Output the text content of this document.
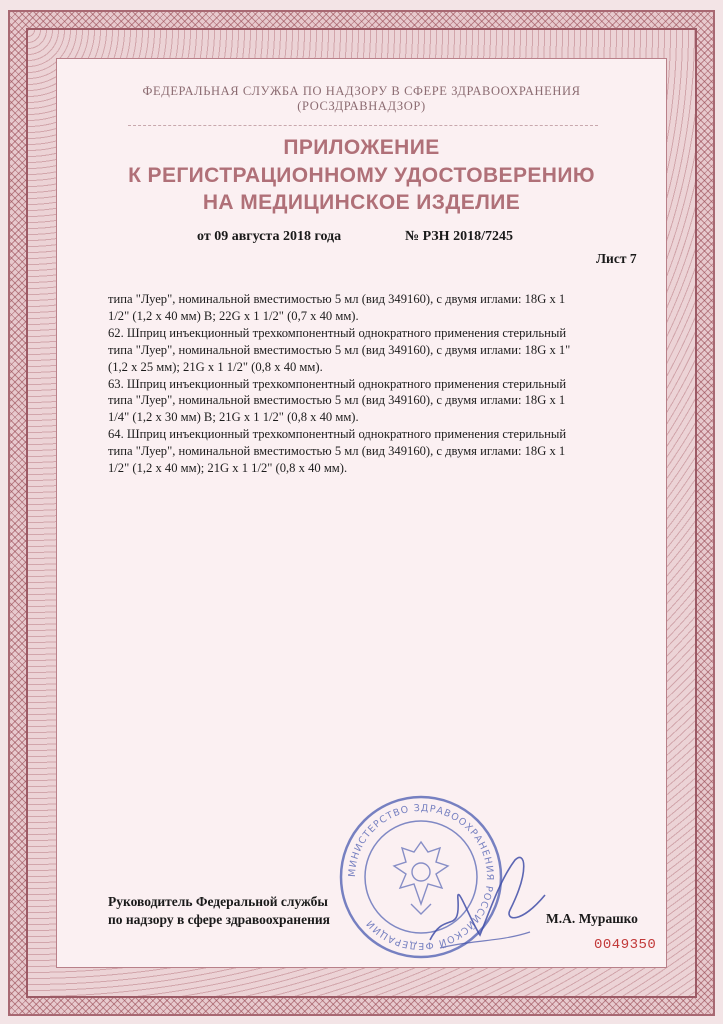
ФЕДЕРАЛЬНАЯ СЛУЖБА ПО НАДЗОРУ В СФЕРЕ ЗДРАВООХРАНЕНИЯ
(РОСЗДРАВНАДЗОР)
ПРИЛОЖЕНИЕ
К РЕГИСТРАЦИОННОМУ УДОСТОВЕРЕНИЮ
НА МЕДИЦИНСКОЕ ИЗДЕЛИЕ
от 09 августа 2018 года	№ РЗН 2018/7245
Лист 7

типа "Луер", номинальной вместимостью 5 мл (вид 349160), с двумя иглами: 18G x 1

1/2" (1,2 x 40 мм) B; 22G x 1 1/2" (0,7 x 40 мм).

62. Шприц инъекционный трехкомпонентный однократного применения стерильный

типа "Луер", номинальной вместимостью 5 мл (вид 349160), с двумя иглами: 18G x 1"

(1,2 x 25 мм); 21G x 1 1/2" (0,8 x 40 мм).

63. Шприц инъекционный трехкомпонентный однократного применения стерильный

типа "Луер", номинальной вместимостью 5 мл (вид 349160), с двумя иглами: 18G x 1

1/4" (1,2 x 30 мм) B; 21G x 1 1/2" (0,8 x 40 мм).

64. Шприц инъекционный трехкомпонентный однократного применения стерильный

типа "Луер", номинальной вместимостью 5 мл (вид 349160), с двумя иглами: 18G x 1

1/2" (1,2 x 40 мм); 21G x 1 1/2" (0,8 x 40 мм).

МИНИСТЕРСТВО ЗДРАВООХРАНЕНИЯ РОССИЙСКОЙ ФЕДЕРАЦИИ
Руководитель Федеральной службы
по надзору в сфере здравоохранения	М.А. Мурашко
0049350
